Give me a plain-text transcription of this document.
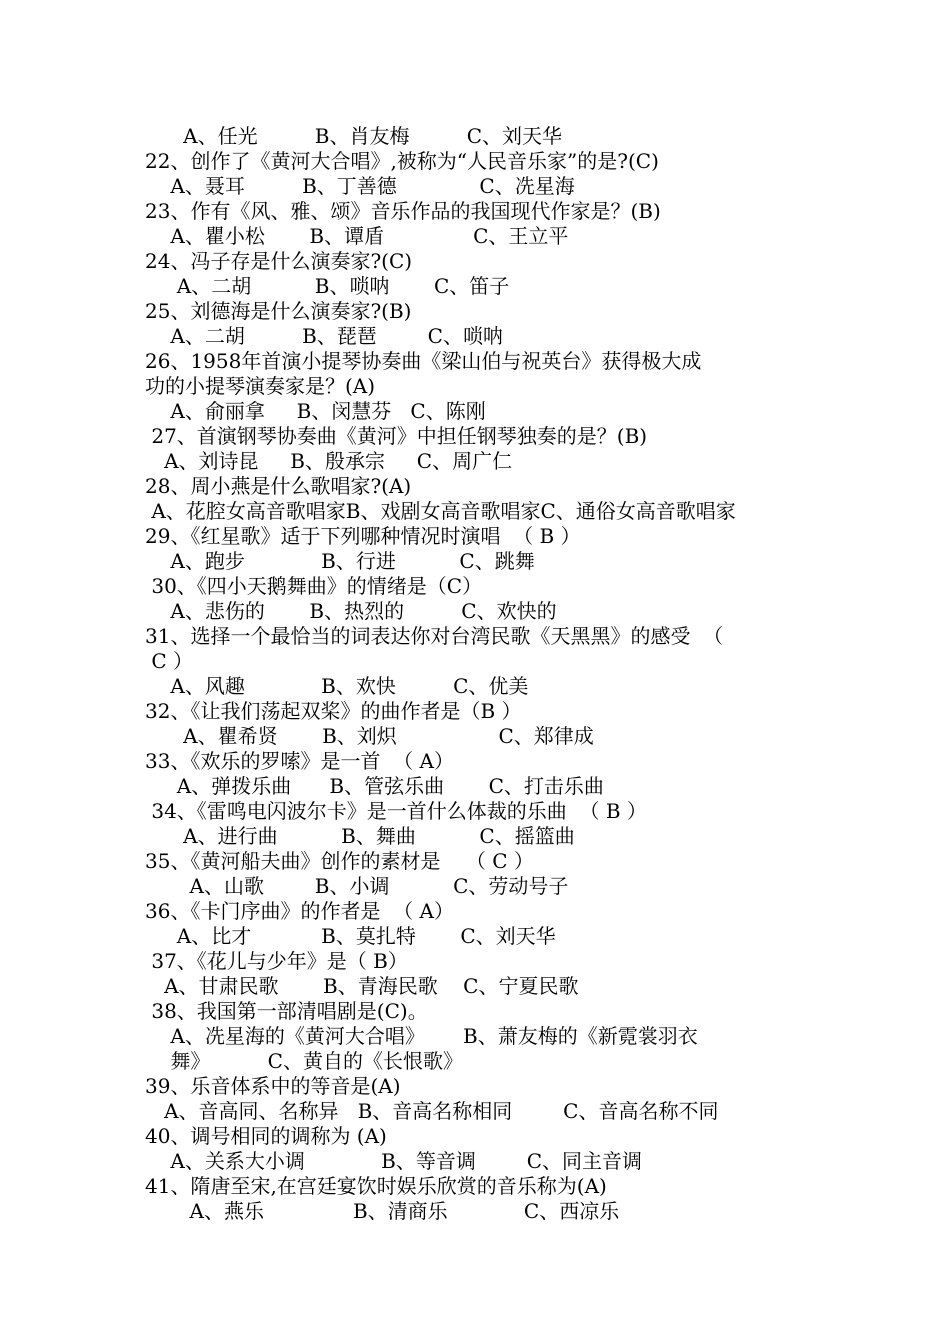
A、任光         B、肖友梅         C、刘天华
22、创作了《黄河大合唱》,被称为“人民音乐家”的是?(C)
A、聂耳         B、丁善德             C、冼星海
23、作有《风、雅、颂》音乐作品的我国现代作家是？(B)
A、瞿小松       B、谭盾              C、王立平
24、冯子存是什么演奏家?(C)
A、二胡          B、唢呐       C、笛子
25、刘德海是什么演奏家?(B)
A、二胡         B、琵琶        C、唢呐
26、1958年首演小提琴协奏曲《梁山伯与祝英台》获得极大成
功的小提琴演奏家是？(A)
A、俞丽拿     B、闵慧芬   C、陈刚
27、首演钢琴协奏曲《黄河》中担任钢琴独奏的是？(B)
A、刘诗昆     B、殷承宗     C、周广仁
28、周小燕是什么歌唱家?(A)
A、花腔女高音歌唱家B、戏剧女高音歌唱家C、通俗女高音歌唱家
29、《红星歌》适于下列哪种情况时演唱  （ B ）
A、跑步            B、行进          C、跳舞
30、《四小天鹅舞曲》的情绪是（C）
A、悲伤的       B、热烈的         C、欢快的
31、选择一个最恰当的词表达你对台湾民歌《天黑黑》的感受  （
C ）
A、风趣            B、欢快         C、优美
32、《让我们荡起双桨》的曲作者是（B ）
A、瞿希贤       B、刘炽                C、郑律成
33、《欢乐的罗嗦》是一首  （ A）
A、弹拨乐曲      B、管弦乐曲       C、打击乐曲
34、《雷鸣电闪波尔卡》是一首什么体裁的乐曲  （ B ）
A、进行曲          B、舞曲          C、摇篮曲
35、《黄河船夫曲》创作的素材是    （ C ）
A、山歌        B、小调          C、劳动号子
36、《卡门序曲》的作者是  （ A）
A、比才           B、莫扎特       C、刘天华
37、《花儿与少年》是（ B）
A、甘肃民歌       B、青海民歌    C、宁夏民歌
38、我国第一部清唱剧是(C)。
A、冼星海的《黄河大合唱》      B、萧友梅的《新霓裳羽衣
舞》         C、黄自的《长恨歌》
39、乐音体系中的等音是(A)
A、音高同、名称异   B、音高名称相同        C、音高名称不同
40、调号相同的调称为 (A)
A、关系大小调            B、等音调        C、同主音调
41、隋唐至宋,在宫廷宴饮时娱乐欣赏的音乐称为(A)
A、燕乐              B、清商乐            C、西凉乐
